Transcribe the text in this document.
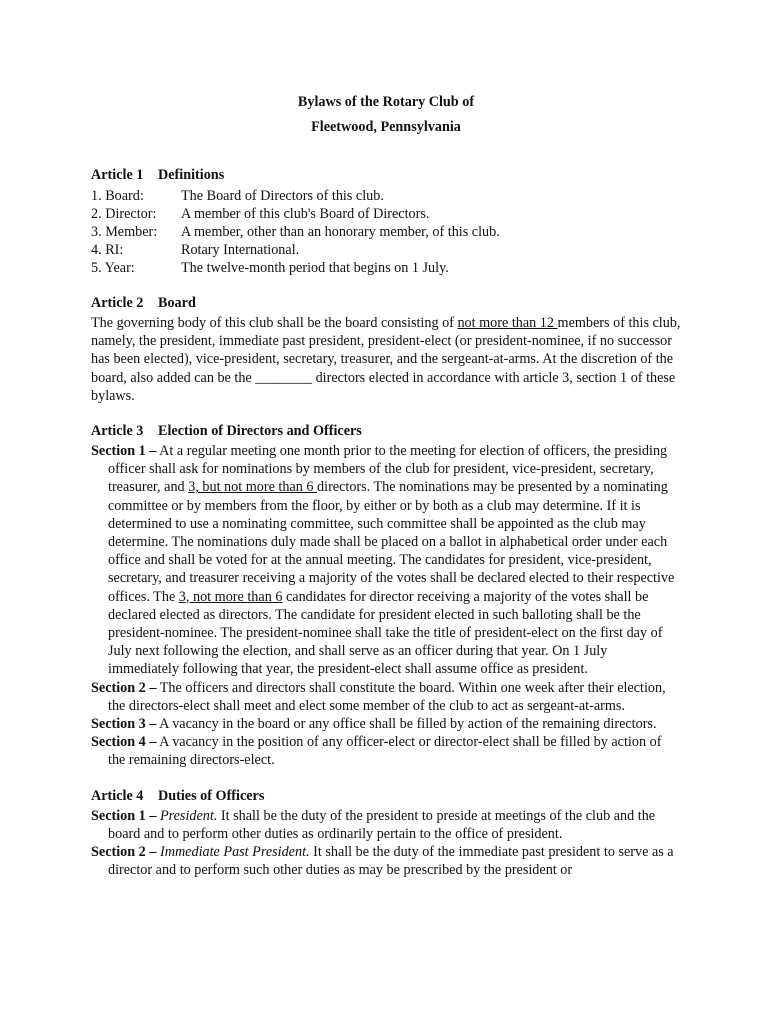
Bylaws of the Rotary Club of

Fleetwood, Pennsylvania

Article 1 Definitions

1. Board:	The Board of Directors of this club.
2. Director:	A member of this club's Board of Directors.
3. Member:	A member, other than an honorary member, of this club.
4. RI:	Rotary International.
5. Year:	The twelve-month period that begins on 1 July.

Article 2 Board

The governing body of this club shall be the board consisting of not more than 12 members of this club, namely, the president, immediate past president, president-elect (or president-nominee, if no successor has been elected), vice-president, secretary, treasurer, and the sergeant-at-arms. At the discretion of the board, also added can be the ________ directors elected in accordance with article 3, section 1 of these bylaws.

Article 3 Election of Directors and Officers

Section 1 – At a regular meeting one month prior to the meeting for election of officers, the presiding officer shall ask for nominations by members of the club for president, vice-president, secretary, treasurer, and 3, but not more than 6 directors. The nominations may be presented by a nominating committee or by members from the floor, by either or by both as a club may determine. If it is determined to use a nominating committee, such committee shall be appointed as the club may determine. The nominations duly made shall be placed on a ballot in alphabetical order under each office and shall be voted for at the annual meeting. The candidates for president, vice-president, secretary, and treasurer receiving a majority of the votes shall be declared elected to their respective offices. The 3, not more than 6 candidates for director receiving a majority of the votes shall be declared elected as directors. The candidate for president elected in such balloting shall be the president-nominee. The president-nominee shall take the title of president-elect on the first day of July next following the election, and shall serve as an officer during that year. On 1 July immediately following that year, the president-elect shall assume office as president.

Section 2 – The officers and directors shall constitute the board. Within one week after their election, the directors-elect shall meet and elect some member of the club to act as sergeant-at-arms.

Section 3 – A vacancy in the board or any office shall be filled by action of the remaining directors.

Section 4 – A vacancy in the position of any officer-elect or director-elect shall be filled by action of the remaining directors-elect.

Article 4 Duties of Officers

Section 1 – President. It shall be the duty of the president to preside at meetings of the club and the board and to perform other duties as ordinarily pertain to the office of president.

Section 2 – Immediate Past President. It shall be the duty of the immediate past president to serve as a director and to perform such other duties as may be prescribed by the president or
